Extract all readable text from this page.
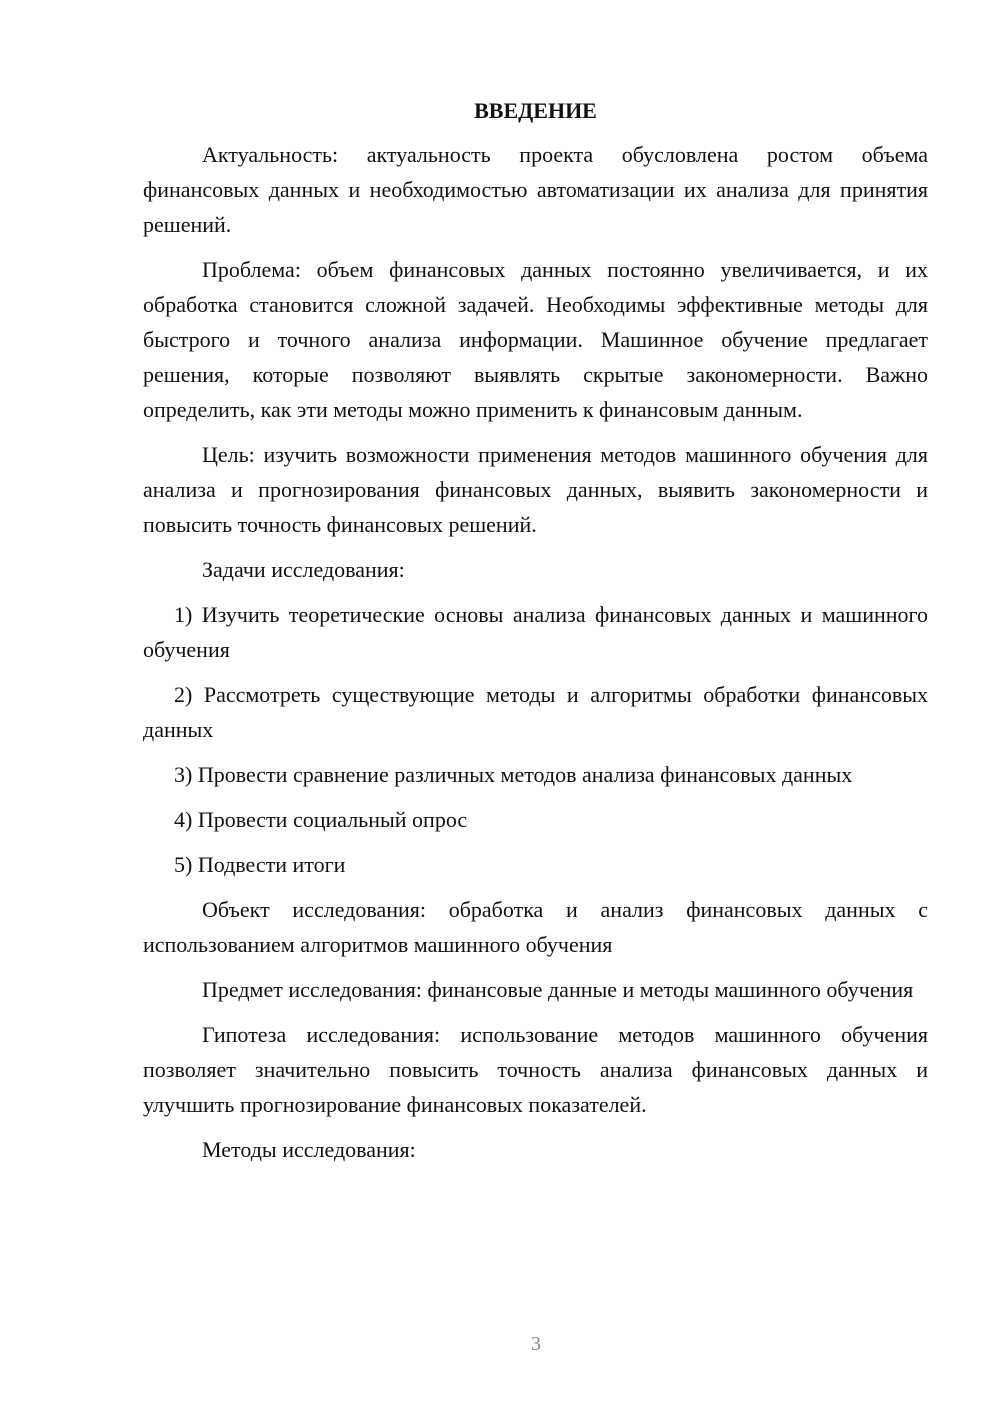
ВВЕДЕНИЕ

Актуальность: актуальность проекта обусловлена ростом объема финансовых данных и необходимостью автоматизации их анализа для принятия решений.

Проблема: объем финансовых данных постоянно увеличивается, и их обработка становится сложной задачей. Необходимы эффективные методы для быстрого и точного анализа информации. Машинное обучение предлагает решения, которые позволяют выявлять скрытые закономерности. Важно определить, как эти методы можно применить к финансовым данным.

Цель: изучить возможности применения методов машинного обучения для анализа и прогнозирования финансовых данных, выявить закономерности и повысить точность финансовых решений.

Задачи исследования:

1) Изучить теоретические основы анализа финансовых данных и машинного обучения

2) Рассмотреть существующие методы и алгоритмы обработки финансовых данных

3) Провести сравнение различных методов анализа финансовых данных

4) Провести социальный опрос

5) Подвести итоги

Объект исследования: обработка и анализ финансовых данных с использованием алгоритмов машинного обучения

Предмет исследования: финансовые данные и методы машинного обучения

Гипотеза исследования: использование методов машинного обучения позволяет значительно повысить точность анализа финансовых данных и улучшить прогнозирование финансовых показателей.

Методы исследования:

3
